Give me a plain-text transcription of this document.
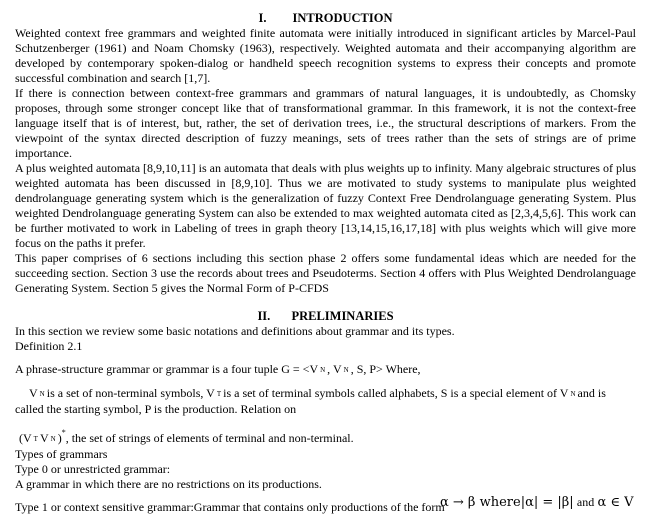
I. INTRODUCTION

Weighted context free grammars and weighted finite automata were initially introduced in significant articles by Marcel-Paul Schutzenberger (1961) and Noam Chomsky (1963), respectively. Weighted automata and their accompanying algorithm are developed by contemporary spoken-dialog or handheld speech recognition systems to express their concepts and promote successful combination and search [1,7].

If there is connection between context-free grammars and grammars of natural languages, it is undoubtedly, as Chomsky proposes, through some stronger concept like that of transformational grammar. In this framework, it is not the context-free language itself that is of interest, but, rather, the set of derivation trees, i.e., the structural descriptions of markers. From the viewpoint of the syntax directed description of fuzzy meanings, sets of trees rather than the sets of strings are of prime importance.

A plus weighted automata [8,9,10,11] is an automata that deals with plus weights up to infinity. Many algebraic structures of plus weighted automata has been discussed in [8,9,10]. Thus we are motivated to study systems to manipulate plus weighted dendrolanguage generating system which is the generalization of fuzzy Context Free Dendrolanguage generating System. Plus weighted Dendrolanguage generating System can also be extended to max weighted automata cited as [2,3,4,5,6]. This work can be further motivated to work in Labeling of trees in graph theory [13,14,15,16,17,18] with plus weights which will give more focus on the paths it prefer.

This paper comprises of 6 sections including this section phase 2 offers some fundamental ideas which are needed for the succeeding section. Section 3 use the records about trees and Pseudoterms. Section 4 offers with Plus Weighted Dendrolanguage Generating System. Section 5 gives the Normal Form of P-CFDS

II. PRELIMINARIES

In this section we review some basic notations and definitions about grammar and its types.

Definition 2.1

A phrase-structure grammar or grammar is a four tuple G = <V N , V N , S, P> Where,

V N is a set of non-terminal symbols, V T is a set of terminal symbols called alphabets, S is a special element of V N and is

called the starting symbol, P is the production. Relation on

(V T V N )*, the set of strings of elements of terminal and non-terminal.

Types of grammars

Type 0 or unrestricted grammar:

A grammar in which there are no restrictions on its productions.

Type 1 or context sensitive grammar:Grammar that contains only productions of the form

α → β where|α| = |β| and α ∈ V
